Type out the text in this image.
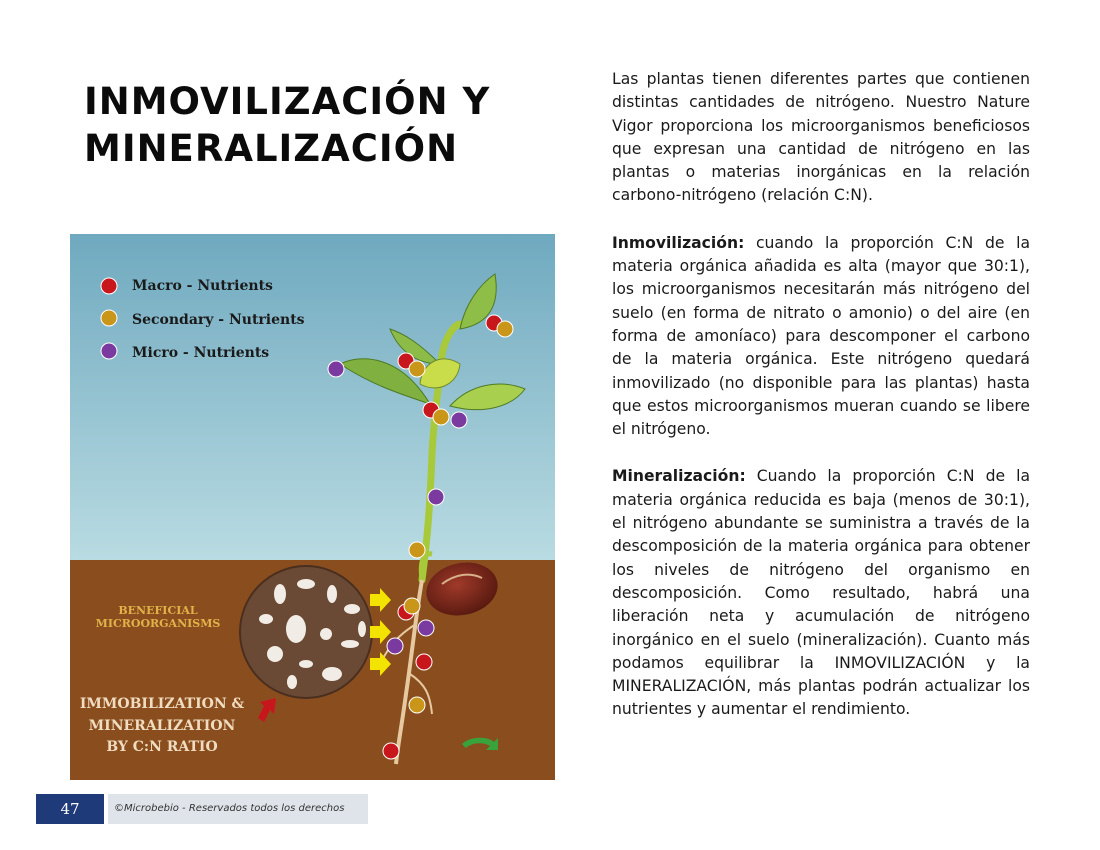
INMOVILIZACIÓN Y MINERALIZACIÓN

Las plantas tienen diferentes partes que contienen distintas cantidades de nitrógeno. Nuestro Nature Vigor proporciona los microorganismos beneficiosos que expresan una cantidad de nitrógeno en las plantas o materias inorgánicas en la relación carbono-nitrógeno (relación C:N).

Inmovilización: cuando la proporción C:N de la materia orgánica añadida es alta (mayor que 30:1), los microorganismos necesitarán más nitrógeno del suelo (en forma de nitrato o amonio) o del aire (en forma de amoníaco) para descomponer el carbono de la materia orgánica. Este nitrógeno quedará inmovilizado (no disponible para las plantas) hasta que estos microorganismos mueran cuando se libere el nitrógeno.

Mineralización: Cuando la proporción C:N de la materia orgánica reducida es baja (menos de 30:1), el nitrógeno abundante se suministra a través de la descomposición de la materia orgánica para obtener los niveles de nitrógeno del organismo en descomposición. Como resultado, habrá una liberación neta y acumulación de nitrógeno inorgánico en el suelo (mineralización). Cuanto más podamos equilibrar la INMOVILIZACIÓN y la MINERALIZACIÓN, más plantas podrán actualizar los nutrientes y aumentar el rendimiento.

Macro - Nutrients
Secondary - Nutrients
Micro - Nutrients
BENEFICIAL
MICROORGANISMS
IMMOBILIZATION &
MINERALIZATION
BY C:N RATIO
47	©Microbebio - Reservados todos los derechos
